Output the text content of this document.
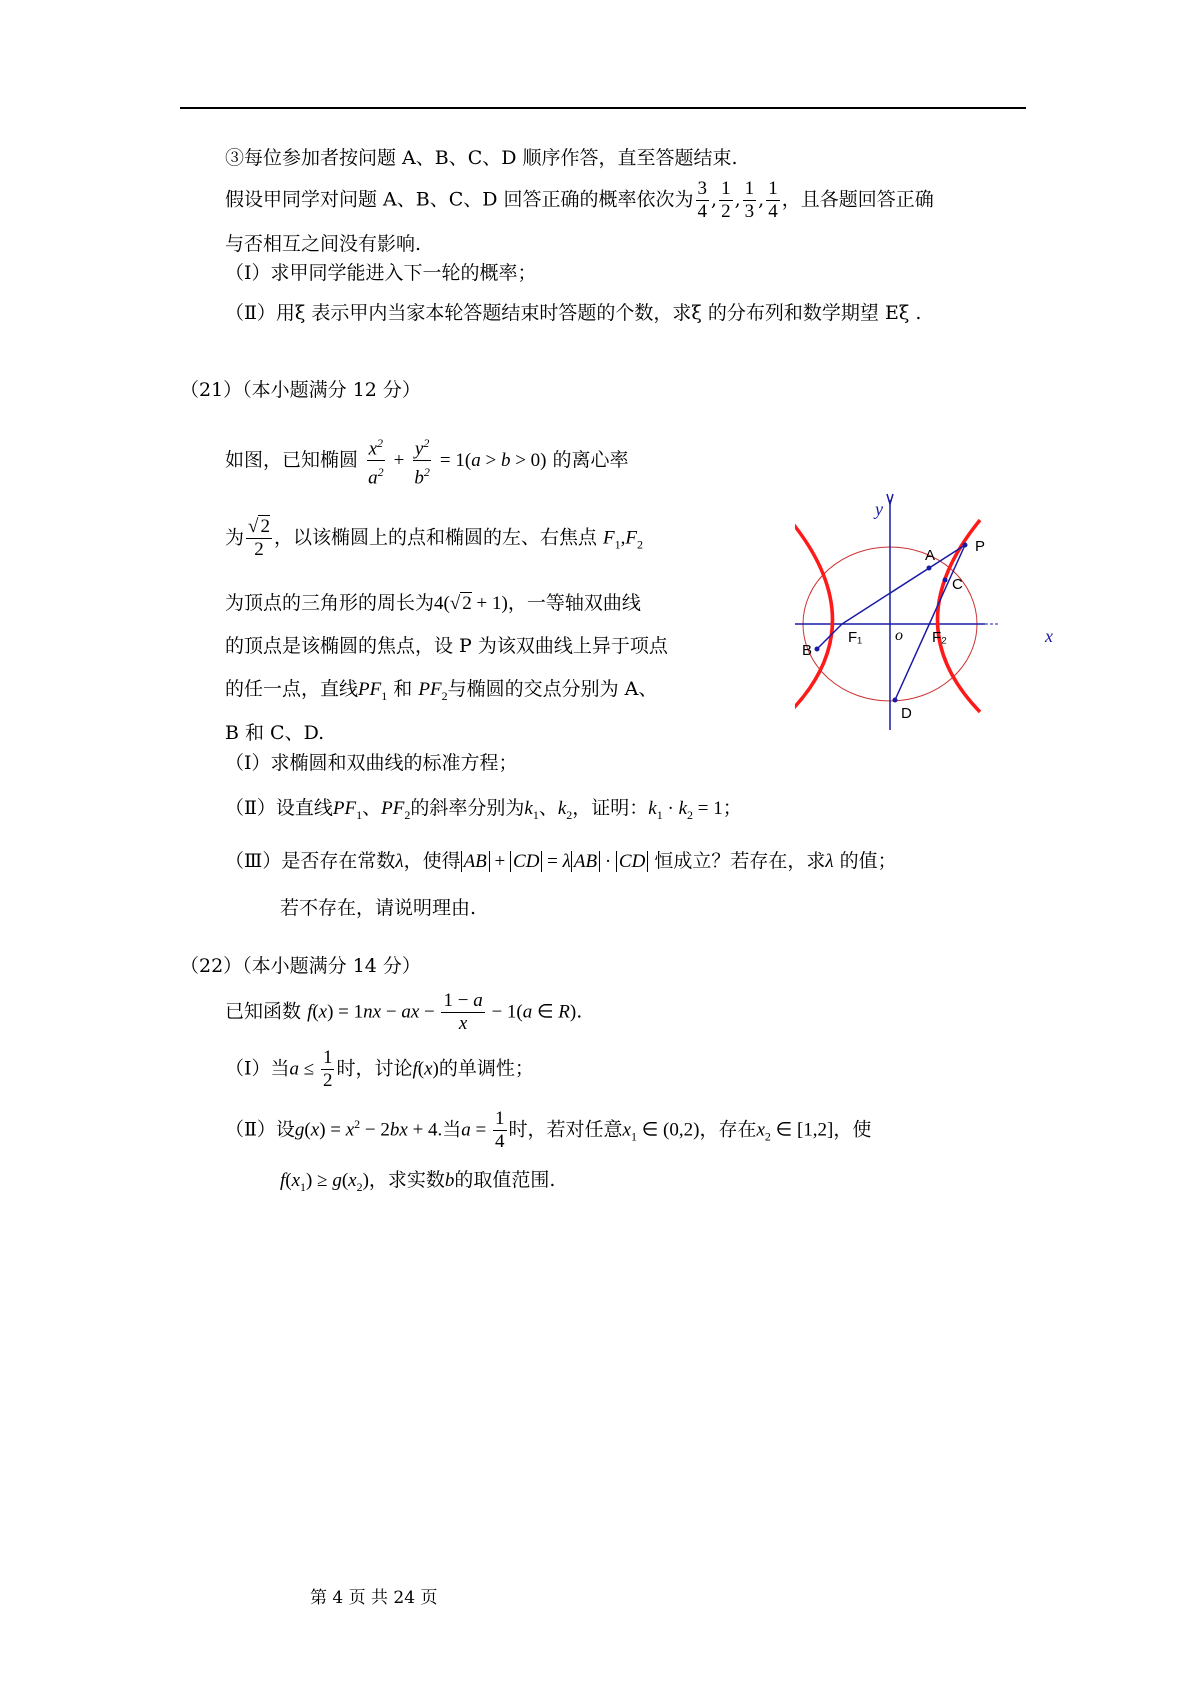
③每位参加者按问题 A、B、C、D 顺序作答，直至答题结束.
假设甲同学对问题 A、B、C、D 回答正确的概率依次为 $\frac{3}{4}$ , $\frac{1}{2}$ , $\frac{1}{3}$ , $\frac{1}{4}$ ，且各题回答正确
与否相互之间没有影响.
（Ⅰ）求甲同学能进入下一轮的概率；
（Ⅱ）用ξ 表示甲内当家本轮答题结束时答题的个数，求ξ 的分布列和数学期望 Eξ .
（21）（本小题满分 12 分）
如图，已知椭圆 $\frac{x^2}{a^2} + \frac{y^2}{b^2} = 1(a > b > 0)$ 的离心率
为 $\frac{√ 2}{2}$ ，以该椭圆上的点和椭圆的左、右焦点 $F_1,F_2$
为顶点的三角形的周长为4(√ 2 + 1)，一等轴双曲线
的顶点是该椭圆的焦点，设 P 为该双曲线上异于项点
的任一点，直线$PF_1$ 和 $PF_2$与椭圆的交点分别为 A、
B 和 C、D.
（Ⅰ）求椭圆和双曲线的标准方程；
（Ⅱ）设直线$PF_1$、$PF_2$的斜率分别为$k_1$、$k_2$，证明：$k_1 \cdot k_2 = 1$；
（Ⅲ）是否存在常数λ，使得 AB + CD = λ AB · CD 恒成立？若存在，求λ 的值；
若不存在，请说明理由.
（22）（本小题满分 14 分）
已知函数 f(x) = 1nx − ax − $\frac{1 - a}{x} - 1(a$ ∈ R).
（Ⅰ）当$a \le \frac{1}{2}$ 时，讨论f(x)的单调性；
（Ⅱ）设$g(x) = x^2 - 2bx + 4$.当$a = \frac{1}{4}$ 时，若对任意$x_1$ ∈ (0,2)，存在$x_2$ ∈ [1,2]，使
$f(x_1) \ge g(x_2)$，求实数b的取值范围.
y
x
o
A
P
C
B
F₁	F₂
D
第 4 页 共 24 页
